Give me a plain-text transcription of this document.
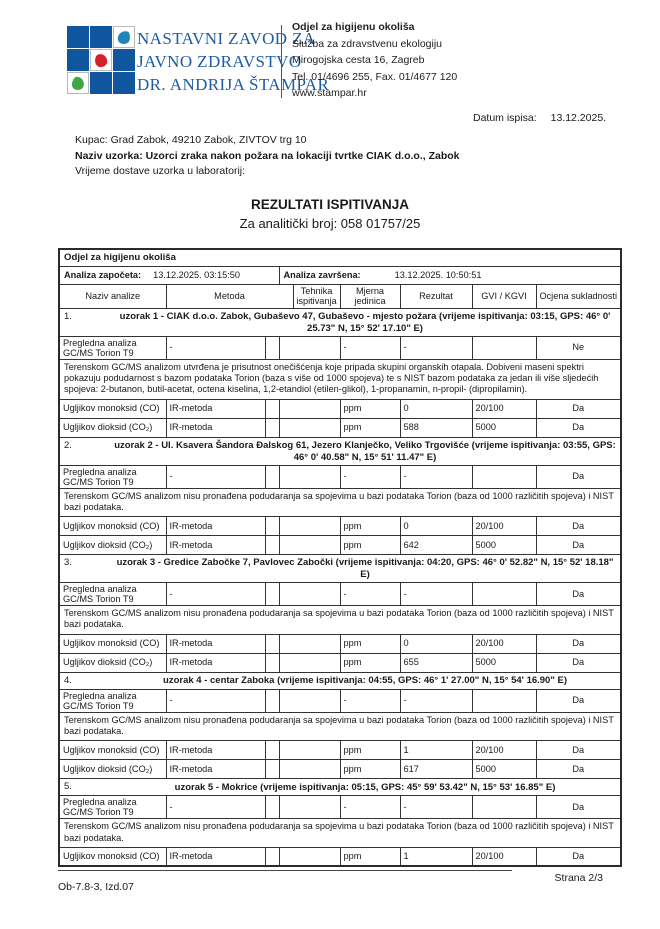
NASTAVNI ZAVOD ZA
JAVNO ZDRAVSTVO
DR. ANDRIJA ŠTAMPAR
Odjel za higijenu okoliša
Služba za zdravstvenu ekologiju
Mirogojska cesta 16, Zagreb
Tel. 01/4696 255, Fax. 01/4677 120
www.stampar.hr
Datum ispisa: 13.12.2025.
Kupac: Grad Zabok, 49210 Zabok, ZIVTOV trg 10
Naziv uzorka: Uzorci zraka nakon požara na lokaciji tvrtke CIAK d.o.o., Zabok
Vrijeme dostave uzorka u laboratorij:
REZULTATI ISPITIVANJA
Za analitički broj: 058 01757/25
Odjel za higijenu okoliša								
Analiza započeta: 13.12.2025. 03:15:50			Analiza završena: 13.12.2025. 10:50:51					
Naziv analize	Metoda			Tehnika ispitivanja	Mjerna jedinica	Rezultat	GVI / KGVI	Ocjena sukladnosti

1. uzorak 1 - CIAK d.o.o. Zabok, Gubaševo 47, Gubaševo - mjesto požara (vrijeme ispitivanja: 03:15, GPS: 46° 0' 25.73" N, 15° 52' 17.10" E)								

Pregledna analiza GC/MS Torion T9	-				-	-		Ne
Terenskom GC/MS analizom utvrđena je prisutnost onečišćenja koje pripada skupini organskih otapala. Dobiveni maseni spektri pokazuju podudarnost s bazom podataka Torion (baza s više od 1000 spojeva) te s NIST bazom podataka za jedan ili više sljedećih spojeva: 2-butanon, butil-acetat, octena kiselina, 1,2-etandiol (etilen-glikol), 1-propanamin, n-propil- (dipropilamin).								
Ugljikov monoksid (CO)	IR-metoda				ppm	0	20/100	Da
Ugljikov dioksid (CO₂)	IR-metoda				ppm	588	5000	Da

2. uzorak 2 - Ul. Ksavera Šandora Đalskog 61, Jezero Klanječko, Veliko Trgovišće (vrijeme ispitivanja: 03:55, GPS: 46° 0' 40.58" N, 15° 51' 11.47" E)								

Pregledna analiza GC/MS Torion T9	-				-	-		Da
Terenskom GC/MS analizom nisu pronađena podudaranja sa spojevima u bazi podataka Torion (baza od 1000 različitih spojeva) i NIST bazi podataka.								
Ugljikov monoksid (CO)	IR-metoda				ppm	0	20/100	Da
Ugljikov dioksid (CO₂)	IR-metoda				ppm	642	5000	Da

3. uzorak 3 - Gredice Zabočke 7, Pavlovec Zabočki (vrijeme ispitivanja: 04:20, GPS: 46° 0' 52.82" N, 15° 52' 18.18" E)								

Pregledna analiza GC/MS Torion T9	-				-	-		Da
Terenskom GC/MS analizom nisu pronađena podudaranja sa spojevima u bazi podataka Torion (baza od 1000 različitih spojeva) i NIST bazi podataka.								
Ugljikov monoksid (CO)	IR-metoda				ppm	0	20/100	Da
Ugljikov dioksid (CO₂)	IR-metoda				ppm	655	5000	Da

4. uzorak 4 - centar Zaboka (vrijeme ispitivanja: 04:55, GPS: 46° 1' 27.00" N, 15° 54' 16.90" E)								

Pregledna analiza GC/MS Torion T9	-				-	-		Da
Terenskom GC/MS analizom nisu pronađena podudaranja sa spojevima u bazi podataka Torion (baza od 1000 različitih spojeva) i NIST bazi podataka.								
Ugljikov monoksid (CO)	IR-metoda				ppm	1	20/100	Da
Ugljikov dioksid (CO₂)	IR-metoda				ppm	617	5000	Da

5. uzorak 5 - Mokrice (vrijeme ispitivanja: 05:15, GPS: 45° 59' 53.42" N, 15° 53' 16.85" E)								

Pregledna analiza GC/MS Torion T9	-				-	-		Da
Terenskom GC/MS analizom nisu pronađena podudaranja sa spojevima u bazi podataka Torion (baza od 1000 različitih spojeva) i NIST bazi podataka.								
Ugljikov monoksid (CO)	IR-metoda				ppm	1	20/100	Da
Strana 2/3
Ob-7.8-3, Izd.07
